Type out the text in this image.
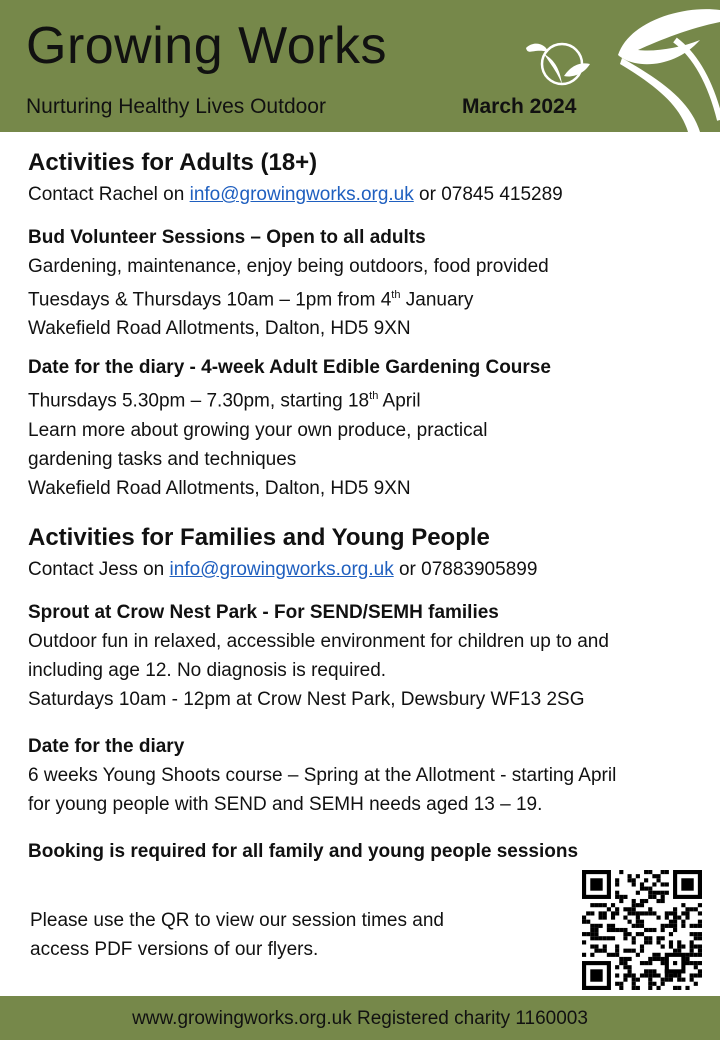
Growing Works
Nurturing Healthy Lives Outdoor	March 2024

Activities for Adults (18+)

Contact Rachel on info@growingworks.org.uk or 07845 415289

Bud Volunteer Sessions – Open to all adults

Gardening, maintenance, enjoy being outdoors, food provided

Tuesdays & Thursdays 10am – 1pm from 4th January

Wakefield Road Allotments, Dalton, HD5 9XN

Date for the diary - 4-week Adult Edible Gardening Course

Thursdays 5.30pm – 7.30pm, starting 18th April

Learn more about growing your own produce, practical

gardening tasks and techniques

Wakefield Road Allotments, Dalton, HD5 9XN

Activities for Families and Young People

Contact Jess on info@growingworks.org.uk or 07883905899

Sprout at Crow Nest Park - For SEND/SEMH families

Outdoor fun in relaxed, accessible environment for children up to and

including age 12. No diagnosis is required.

Saturdays 10am - 12pm at Crow Nest Park, Dewsbury WF13 2SG

Date for the diary

6 weeks Young Shoots course – Spring at the Allotment - starting April

for young people with SEND and SEMH needs aged 13 – 19.

Booking is required for all family and young people sessions

Please use the QR to view our session times and
access PDF versions of our flyers.
www.growingworks.org.uk Registered charity 1160003
